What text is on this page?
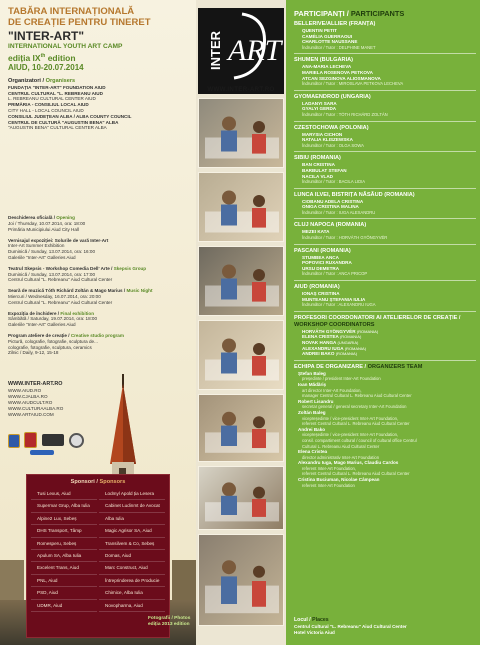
TABĂRA INTERNAȚIONALĂ
DE CREAȚIE PENTRU TINERET
"INTER-ART"
INTERNATIONAL YOUTH ART CAMP
ediția IXth edition
AIUD, 10-20.07.2014
Organizatori / Organisers
FUNDAȚIA "INTER-ART" FOUNDATION AIUD
CENTRUL CULTURAL "L. REBREANU AIUD
L. REBREANU CULTURAL CENTER AIUD
PRIMĂRIA - CONSILIUL LOCAL AIUD
CITY HALL - LOCAL COUNCIL AIUD
CONSILIUL JUDEȚEAN ALBA / ALBA COUNTY COUNCIL
CENTRUL DE CULTURĂ "AUGUSTIN BENA" ALBA
"AUGUSTIN BENA" CULTURAL CENTER ALBA
Deschiderea oficială / Opening
Joi / Thursday, 10.07.2014, ora: 18:00
Primăria Municipiului Aiud City Hall
Vernisajul expoziției: Solurile de vară Inter-Art
Inter-Art Summer Exhibition
Duminică / Sunday, 13.07.2014, ora: 16:00
Galeriile "Inter-Art" Galleries Aiud
Teatrul Skepsis - Workshop Comedia Dell' Arte / Skepsis Group
Duminică / Sunday, 13.07.2014, ora: 17:00
Centrul Cultural "L. Rebreanu" Aiud Cultural Center
Seară de muzică Tóth Richárd Zoltán & Mago Marius / Music Night
Miercuri / Wednesday, 16.07.2014, ora: 20:00
Centrul Cultural "L. Rebreanu" Aiud Cultural Center
Expoziția de închidere / Final exhibition
Sâmbătă / Saturday, 19.07.2014, ora: 18:00
Galeriile "Inter-Art" Galleries Aiud
Program ateliere de creație / Creative studio program
Pictură, colografie, fotografie, sculptura de...
colografie, fotografie, sculptura, ceramics
Zilnic / Daily, 9-12, 15-18
WWW.INTER-ART.RO
WWW.AIUD.RO
WWW.CJALBA.RO
WWW.AIUDCULT.RO
WWW.CULTURAALBA.RO
WWW.ARTAIUD.COM
Sponsori / Sponsors
Tusi Lexus, Aiud	Lodmyl Apold ția Lesera
Supermar Grup, Alba Iulia	Cabinet Ludinmt de Avocat
Alpine2 Lux, Sebeș	Alba Iulia
DHS Transport, Tâmp	Magic Agrisor SA, Aiud
Romesperu, Sebeș	Transilvem & Co, Sebeș
Apulum SA, Alba Iulia	Domas, Aiud
Excelent Trans, Aiud	Marc Construct, Aiud
PNL, Aiud	Întreprinderea de Producie
PSD, Aiud	Chimice, Alba Iulia
UDMR, Aiud	Novopharma, Aiud
Fotografii / Photos
ediția 2013 edition
INTER ART
WWW.INTER-ART.RO
PARTICIPANȚI / PARTICIPANTS
BELLERIVE/ALLIER (FRANȚA)
QUENTIN PETIT
CAMÉLIA GUERRAOUI
CHARLOTTE NAUSSANE
Îndrumător / Tutor : DELPHINE MANET
SHUMEN (BULGARIA)
ANA-MARIA LECHEVA
MARIELA ROSENOVA PETKOVA
ATCAN SEZGINOVA ALIOSMANOVA
Îndrumător / Tutor : MIROSLAVA PETKOVA LECHEVA
GYOMAENDROD (UNGARIA)
LADANYI SARA
GYALYI GERDA
Îndrumător / Tutor : TÓTH RICHÁRD ZOLTÁN
CZESTOCHOWA (POLONIA)
MARYSIA CICHON
NATALIA KLISZEWSKA
Îndrumător / Tutor : OLGA SOWA
SIBIU (ROMANIA)
BAN CRISTINA
BARBULAT STEFAN
NACILA VLAD
Îndrumător / Tutor : BACILA LIDIA
LUNCA ILVEI, BISTRIȚA NĂSĂUD (ROMANIA)
CIOBANU ADELA CRISTINA
ONIGA CRISTINA MALINA
Îndrumător / Tutor : IUGA ALEXANDRU
CLUJ NAPOCA (ROMANIA)
MEZEI KATA
Îndrumător / Tutor : HORVÁTH GYÖNGYVÉR
PASCANI (ROMANIA)
STUMBEA ANCA
POPOVICI RUXANDRA
URSU DEMETRA
Îndrumător / Tutor : ANCA PRICOP
AIUD (ROMANIA)
IONAȘ CRISTINA
MUNTEANU ȘTEFANIA IULIA
Îndrumător / Tutor : ALEXANDRU IUGA
PROFESORI COORDONATORI AI ATELIERELOR DE CREAȚIE / WORKSHOP COORDINATORS
HORVÁTH GYÖNGYVÉR (ROMANIA)
ELENA CRISTEA (ROMANIA)
NOVAK HANGA (UNGARIA)
ALEXANDRU IUGA (ROMANIA)
ANDREI BAKO (ROMANIA)
ECHIPA DE ORGANIZARE / ORGANIZERS TEAM
Ștefan Baleg
președinte / president Inter-Art Foundation
Ioan Mădăriș
art director Inter-Art Foundation,
manager Centrul Cultural L. Rebreanu Aiud Cultural Center
Robert Lisandru
secretar general / general secretary Inter-Art Foundation
Zoltán Baleg
vicepreședinte / vice-president Inter-Art Foundation,
referent Centrul Cultural L. Rebreanu Aiud Cultural Center
Andrei Bako
vicepreședinte / vice-president Inter-Art Foundation,
consil. compartiment cultural / council of cultural office Centrul
Cultural L. Rebreanu Aiud Cultural Center
Elena Cristea
director administrativ Inter-Art Foundation
Alexandru Iuga, Mago Marius, Claudiu Cardos
referent Inter-Art Foundation,
referent Centrul Cultural L. Rebreanu Aiud Cultural Center
Cristina Buciuman, Nicolae Câmpean
referent Inter-Art Foundation
Locul / Places
Centrul Cultural "L. Rebreanu" Aiud Cultural Center
Hotel Victoria Aiud
